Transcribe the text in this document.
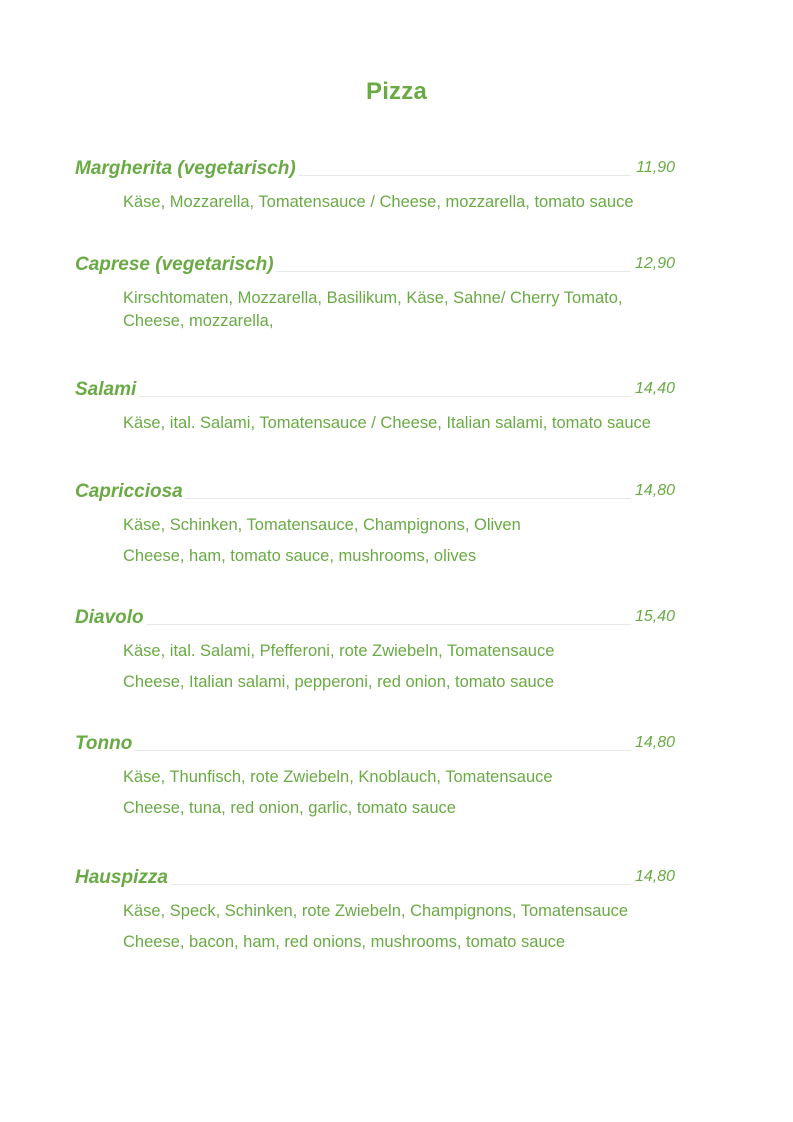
Pizza
Margherita (vegetarisch)	11,90
Käse, Mozzarella, Tomatensauce / Cheese, mozzarella, tomato sauce
Caprese (vegetarisch)	12,90
Kirschtomaten, Mozzarella, Basilikum, Käse, Sahne/ Cherry Tomato, Cheese, mozzarella,
Salami	14,40
Käse, ital. Salami, Tomatensauce / Cheese, Italian salami, tomato sauce
Capricciosa	14,80
Käse, Schinken, Tomatensauce, Champignons, Oliven
Cheese, ham, tomato sauce, mushrooms, olives
Diavolo	15,40
Käse, ital. Salami, Pfefferoni, rote Zwiebeln, Tomatensauce
Cheese, Italian salami, pepperoni, red onion, tomato sauce
Tonno	14,80
Käse, Thunfisch, rote Zwiebeln, Knoblauch, Tomatensauce
Cheese, tuna, red onion, garlic, tomato sauce
Hauspizza	14,80
Käse, Speck, Schinken, rote Zwiebeln, Champignons, Tomatensauce
Cheese, bacon, ham, red onions, mushrooms, tomato sauce
